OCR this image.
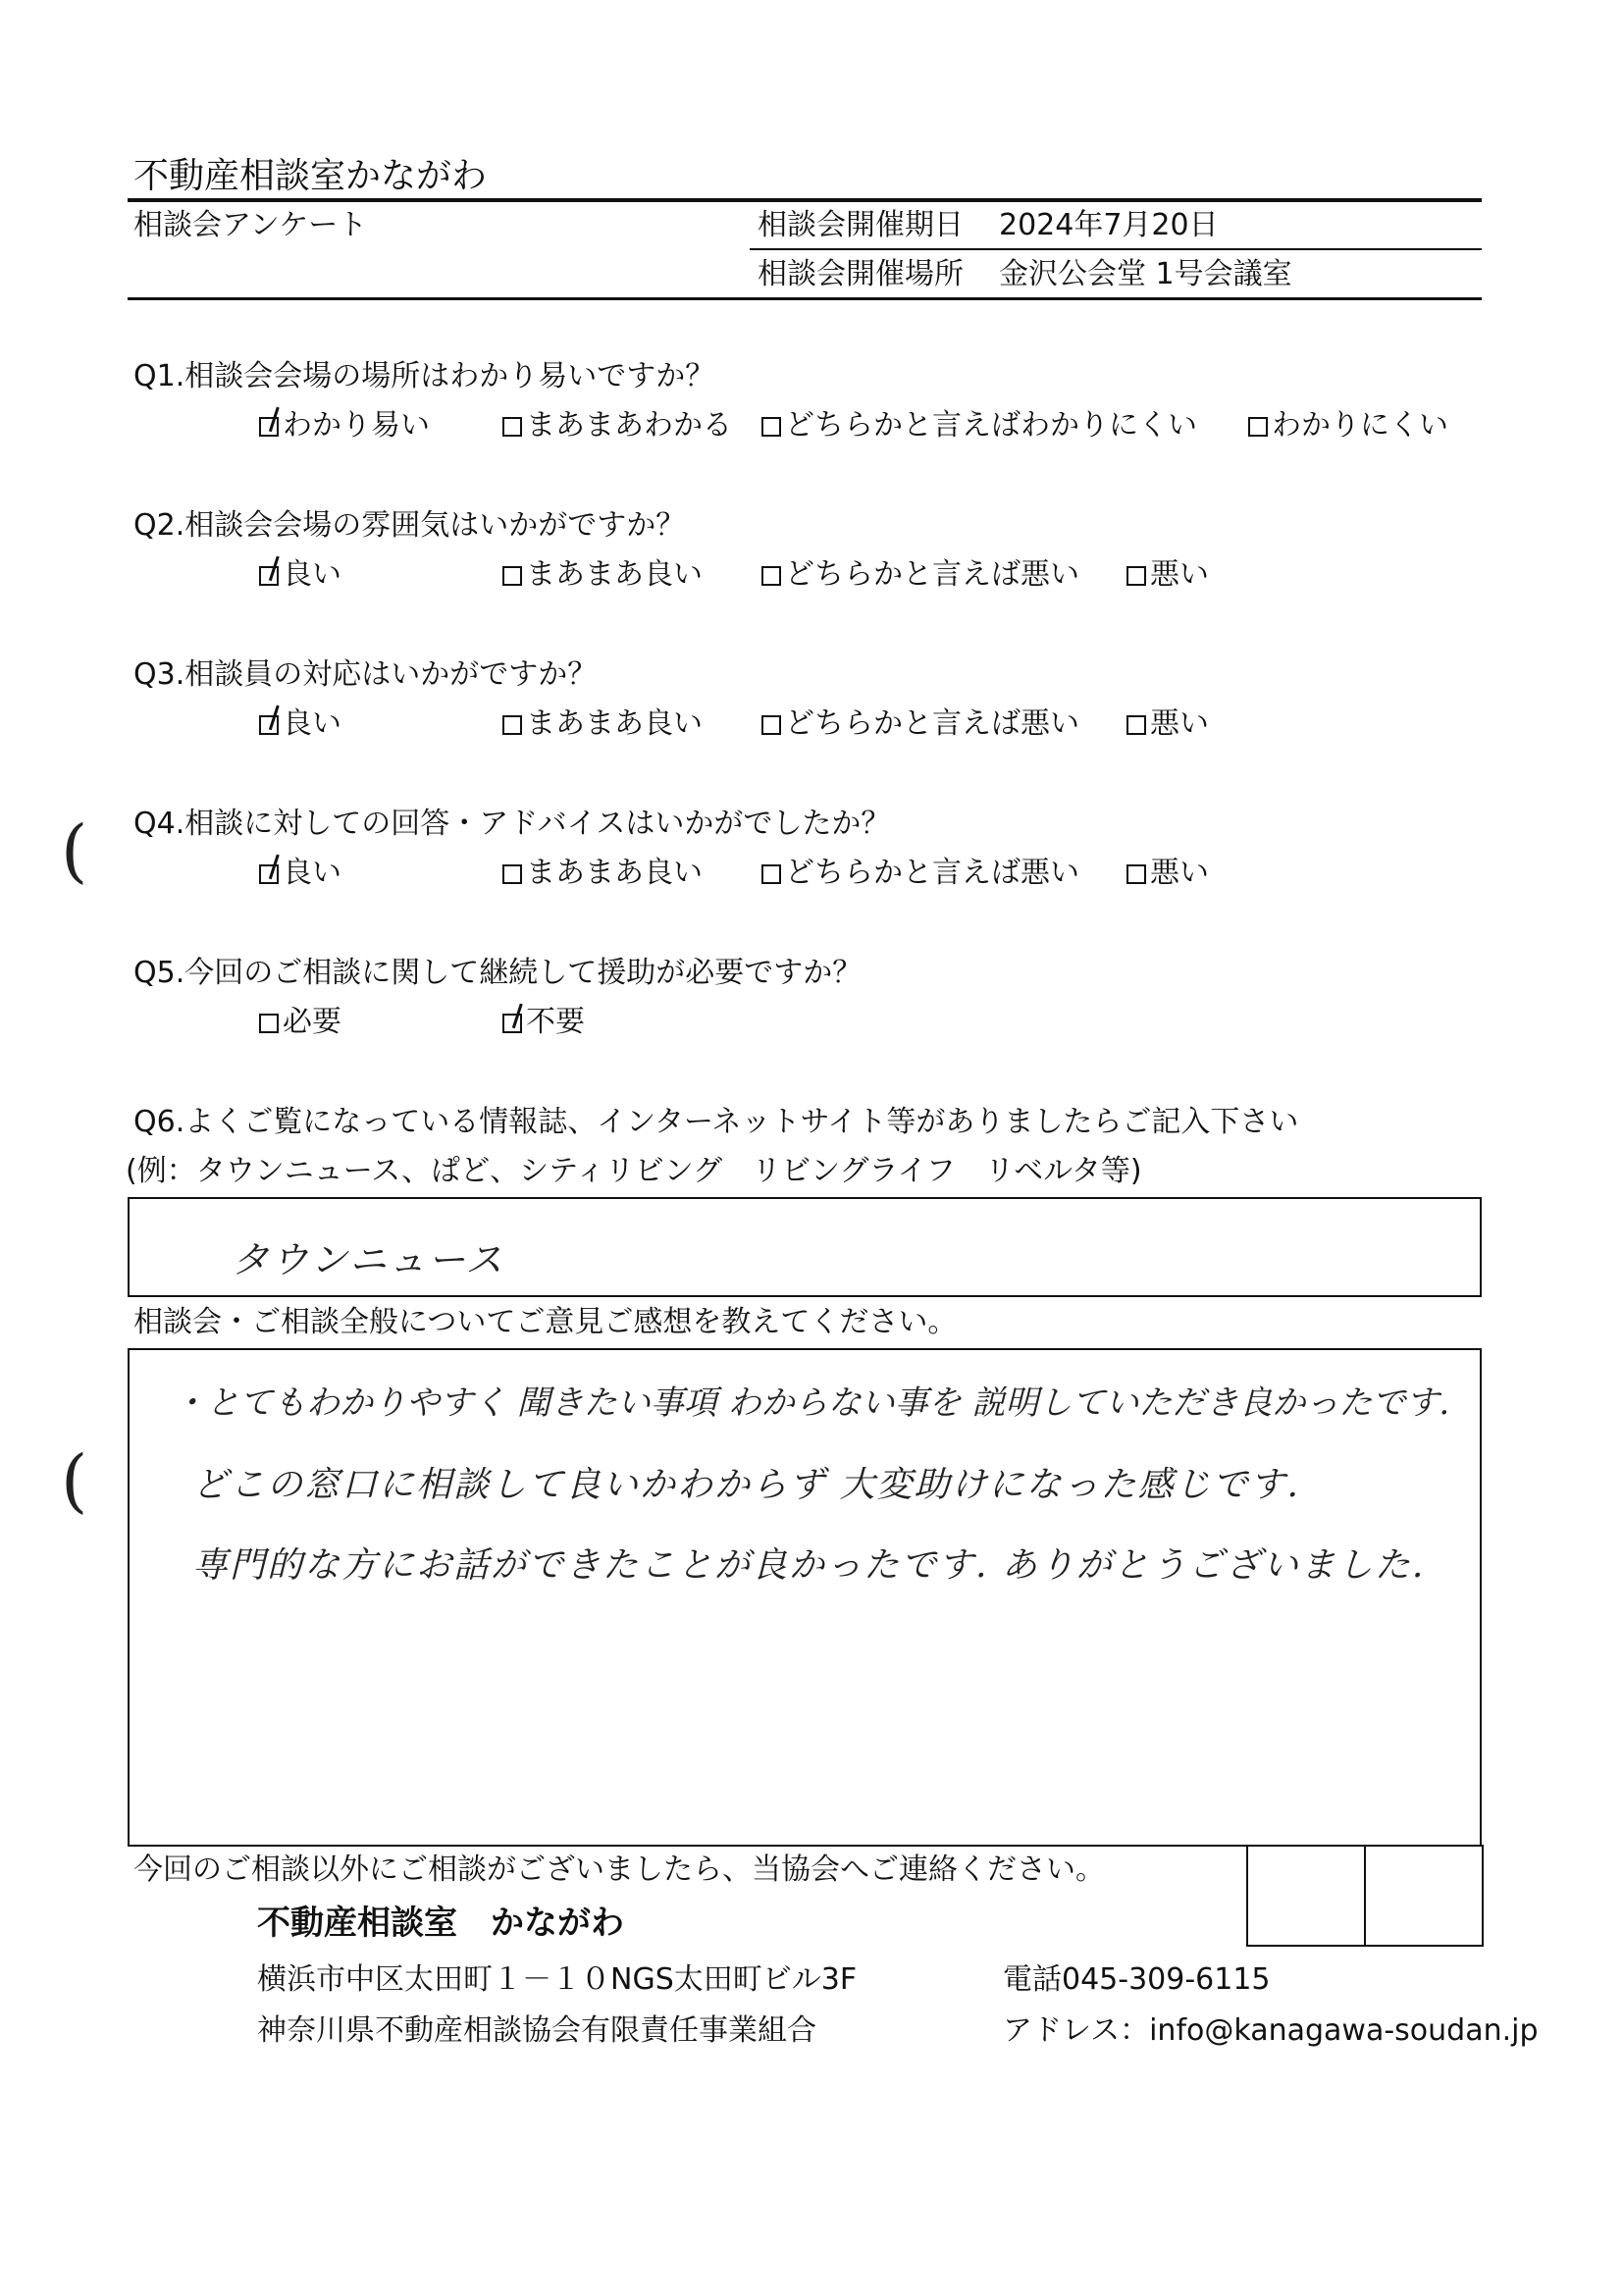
不動産相談室かながわ
相談会アンケート	相談会開催期日 2024年7月20日
相談会開催場所 金沢公会堂 1号会議室
Q1.相談会会場の場所はわかり易いですか？
わかり易い	まあまあわかる	どちらかと言えばわかりにくい	わかりにくい
Q2.相談会会場の雰囲気はいかがですか？
良い	まあまあ良い	どちらかと言えば悪い	悪い
Q3.相談員の対応はいかがですか？
良い	まあまあ良い	どちらかと言えば悪い	悪い
( Q4.相談に対しての回答・アドバイスはいかがでしたか？
良い	まあまあ良い	どちらかと言えば悪い	悪い
Q5.今回のご相談に関して継続して援助が必要ですか？
必要	不要
Q6.よくご覧になっている情報誌、インターネットサイト等がありましたらご記入下さい
(例：タウンニュース、ぱど、シティリビング　リビングライフ　リベルタ等)
タウンニュース
相談会・ご相談全般についてご意見ご感想を教えてください。
(
・とてもわかりやすく 聞きたい事項 わからない事を 説明していただき良かったです.
どこの窓口に相談して良いかわからず 大変助けになった感じです.
専門的な方にお話ができたことが良かったです. ありがとうございました.
今回のご相談以外にご相談がございましたら、当協会へご連絡ください。
不動産相談室　かながわ
横浜市中区太田町１－１０NGS太田町ビル3F	電話045-309-6115
神奈川県不動産相談協会有限責任事業組合	アドレス：info@kanagawa-soudan.jp
